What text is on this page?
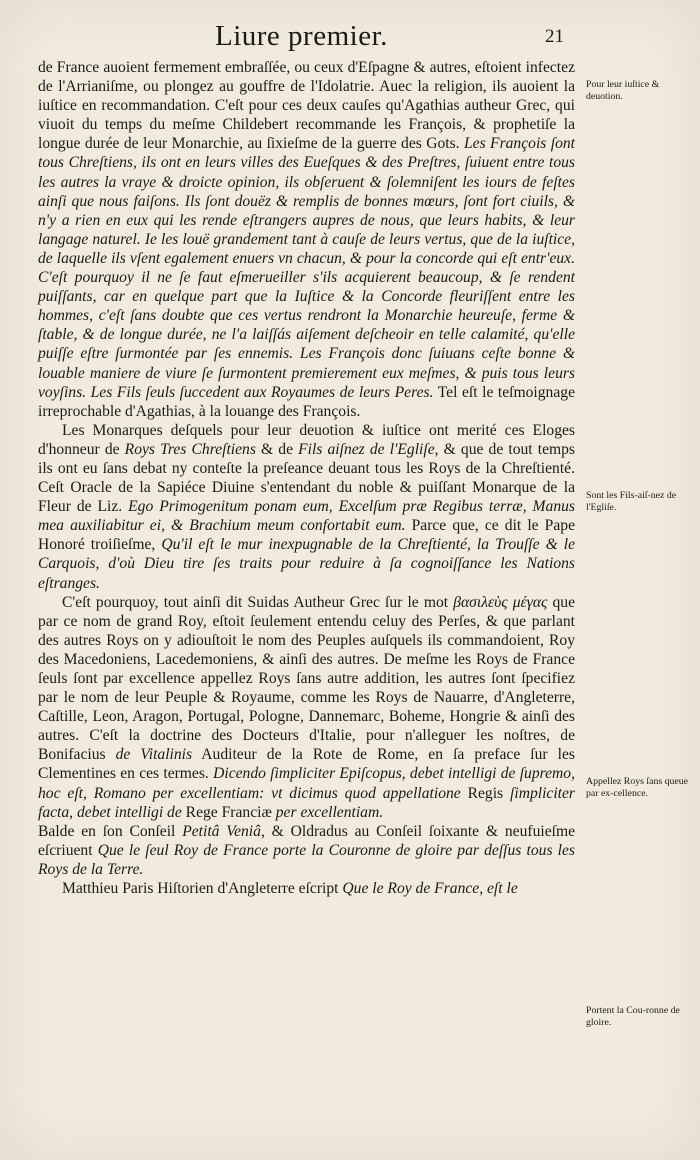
Liure premier.	21

de France auoient fermement embraſſée, ou ceux d'Eſpagne & autres, eſtoient infectez de l'Arrianiſme, ou plongez au gouffre de l'Idolatrie. Auec la religion, ils auoient la iuſtice en recommandation. C'eſt pour ces deux cauſes qu'Agathias autheur Grec, qui viuoit du temps du meſme Childebert recommande les François, & prophetiſe la longue durée de leur Monarchie, au ſixieſme de la guerre des Gots. Les François ſont tous Chreſtiens, ils ont en leurs villes des Eueſques & des Preſtres, ſuiuent entre tous les autres la vraye & droicte opinion, ils obſeruent & ſolemniſent les iours de feſtes ainſi que nous faiſons. Ils ſont douëz & remplis de bonnes mœurs, ſont fort ciuils, & n'y a rien en eux qui les rende eſtrangers aupres de nous, que leurs habits, & leur langage naturel. Ie les louë grandement tant à cauſe de leurs vertus, que de la iuſtice, de laquelle ils vſent egalement enuers vn chacun, & pour la concorde qui eſt entr'eux. C'eſt pourquoy il ne ſe faut eſmerueiller s'ils acquierent beaucoup, & ſe rendent puiſſants, car en quelque part que la Iuſtice & la Concorde fleuriſſent entre les hommes, c'eſt ſans doubte que ces vertus rendront la Monarchie heureuſe, ferme & ſtable, & de longue durée, ne l'a laiſſás aiſement deſcheoir en telle calamité, qu'elle puiſſe eſtre ſurmontée par ſes ennemis. Les François donc ſuiuans ceſte bonne & louable maniere de viure ſe ſurmontent premierement eux meſmes, & puis tous leurs voyſins. Les Fils ſeuls ſuccedent aux Royaumes de leurs Peres. Tel eſt le teſmoignage irreprochable d'Agathias, à la louange des François.

Les Monarques deſquels pour leur deuotion & iuſtice ont merité ces Eloges d'honneur de Roys Tres Chreſtiens & de Fils aiſnez de l'Egliſe, & que de tout temps ils ont eu ſans debat ny conteſte la preſeance deuant tous les Roys de la Chreſtienté. Ceſt Oracle de la Sapiéce Diuine s'entendant du noble & puiſſant Monarque de la Fleur de Liz. Ego Primogenitum ponam eum, Excelſum præ Regibus terræ, Manus mea auxiliabitur ei, & Brachium meum confortabit eum. Parce que, ce dit le Pape Honoré troiſieſme, Qu'il eſt le mur inexpugnable de la Chreſtienté, la Trouſſe & le Carquois, d'où Dieu tire ſes traits pour reduire à ſa cognoiſſance les Nations eſtranges.

C'eſt pourquoy, tout ainſi dit Suidas Autheur Grec ſur le mot βασιλεὺς μέγας que par ce nom de grand Roy, eſtoit ſeulement entendu celuy des Perſes, & que parlant des autres Roys on y adiouſtoit le nom des Peuples auſquels ils commandoient, Roy des Macedoniens, Lacedemoniens, & ainſi des autres. De meſme les Roys de France ſeuls ſont par excellence appellez Roys ſans autre addition, les autres ſont ſpecifiez par le nom de leur Peuple & Royaume, comme les Roys de Nauarre, d'Angleterre, Caſtille, Leon, Aragon, Portugal, Pologne, Dannemarc, Boheme, Hongrie & ainſi des autres. C'eſt la doctrine des Docteurs d'Italie, pour n'alleguer les noſtres, de Bonifacius de Vitalinis Auditeur de la Rote de Rome, en ſa preface ſur les Clementines en ces termes. Dicendo ſimpliciter Epiſcopus, debet intelligi de ſupremo, hoc eſt, Romano per excellentiam: vt dicimus quod appellatione Regis ſimpliciter facta, debet intelligi de Rege Franciæ per excellentiam.

Balde en ſon Conſeil Petitâ Veniâ, & Oldradus au Conſeil ſoixante & neufuieſme eſcriuent Que le ſeul Roy de France porte la Couronne de gloire par deſſus tous les Roys de la Terre.

Matthieu Paris Hiſtorien d'Angleterre eſcript Que le Roy de France, eſt le

Pour leur iuſtice & deuotion.
Sont les Fils-aiſ-nez de l'Egliſe.
Appellez Roys ſans queue par ex-cellence.
Portent la Cou-ronne de gloire.
